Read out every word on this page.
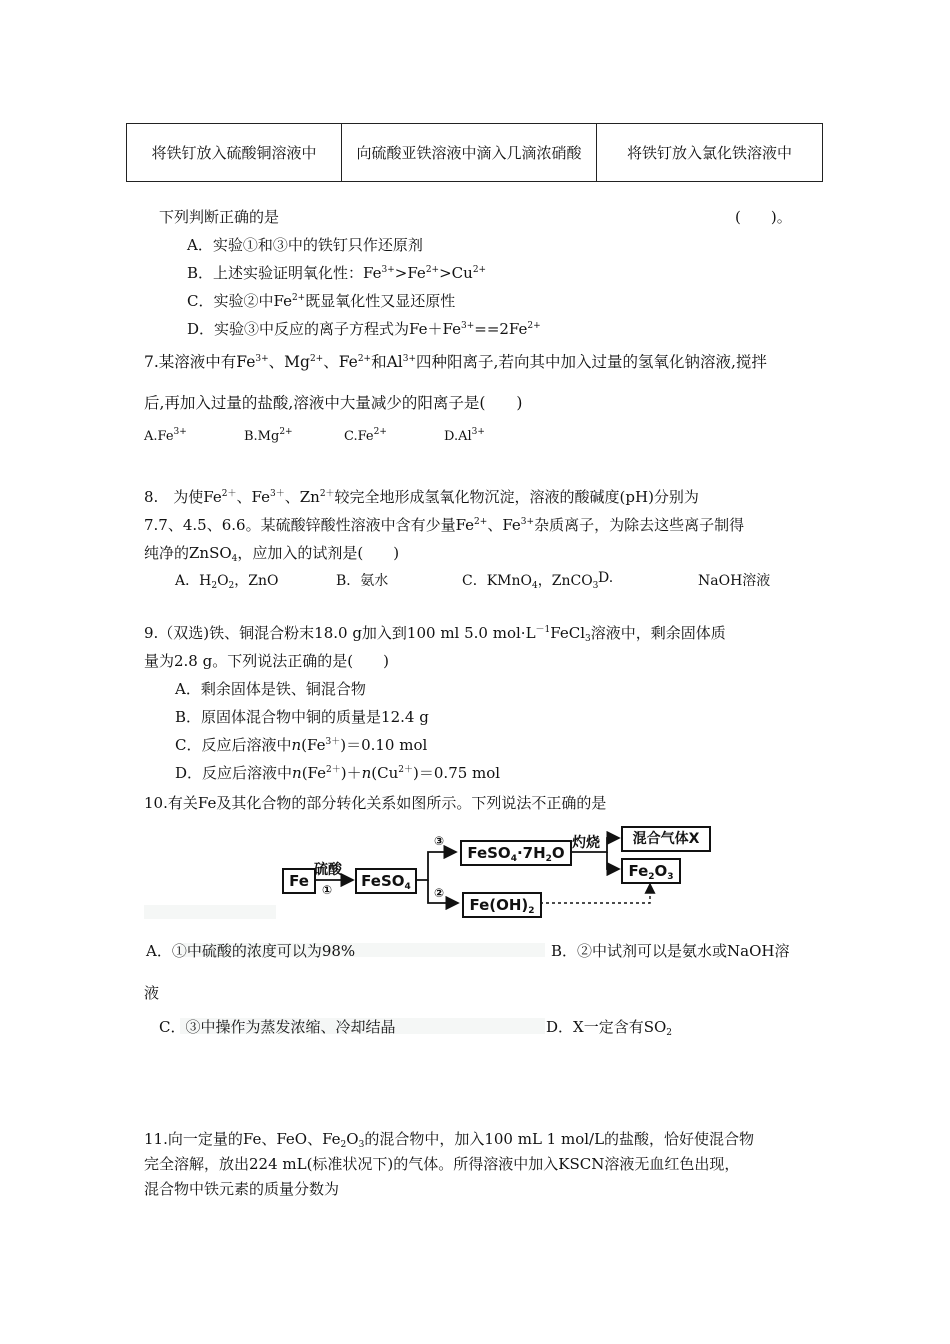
将铁钉放入硫酸铜溶液中	向硫酸亚铁溶液中滴入几滴浓硝酸	将铁钉放入氯化铁溶液中
下列判断正确的是	(　　)。
A．实验①和③中的铁钉只作还原剂
B．上述实验证明氧化性：$Fe^{3+}>Fe^{2+}>Cu^{2+}$
C．实验②中$Fe^{2+}$既显氧化性又显还原性
D．实验③中反应的离子方程式为$Fe+Fe^{3+}==2Fe^{2+}$
7.某溶液中有$Fe^{3+}$、$Mg^{2+}$、$Fe^{2+}$和$Al^{3+}$四种阳离子,若向其中加入过量的氢氧化钠溶液,搅拌
后,再加入过量的盐酸,溶液中大量减少的阳离子是(　　)
$A.Fe^{3+}$	$B.Mg^{2+}$	$C.Fe^{2+}$	$D.Al^{3+}$
8.　为使$Fe^{2+}$、$Fe^{3+}$、$Zn^{2+}$较完全地形成氢氧化物沉淀，溶液的酸碱度(pH)分别为
7.7、4.5、6.6。某硫酸锌酸性溶液中含有少量$Fe^{2+}$、$Fe^{3+}$杂质离子，为除去这些离子制得
纯净的ZnSO$_4$，应加入的试剂是(　　)
A．$H_2O_2$，ZnO	B．氨水	C．KMnO$_4$，ZnCO$_3$ D.	NaOH溶液
9.（双选)铁、铜混合粉末18.0 g加入到100 ml 5.0 $mol\cdot L^{-1}FeCl_3$溶液中，剩余固体质
量为2.8 g。下列说法正确的是(　　)
A．剩余固体是铁、铜混合物
B．原固体混合物中铜的质量是12.4 g
C．反应后溶液中$n(Fe^{3+})=0.10$ mol
D．反应后溶液中$n(Fe^{2+})+n(Cu^{2+})=0.75$ mol
10.有关Fe及其化合物的部分转化关系如图所示。下列说法不正确的是
Fe
硫酸
①	FeSO$_4$
③
$FeSO_4\cdot 7H_2O$
灼烧	混合气体X
$Fe_2O_3$
②
$Fe(OH)_2$
A．①中硫酸的浓度可以为98%	B．②中试剂可以是氨水或NaOH溶
液
C．③中操作为蒸发浓缩、冷却结晶	D．X一定含有$SO_2$
11.向一定量的Fe、FeO、$Fe_2O_3$的混合物中，加入100 mL 1 mol/L的盐酸，恰好使混合物
完全溶解，放出224 mL(标准状况下)的气体。所得溶液中加入KSCN溶液无血红色出现，
混合物中铁元素的质量分数为
